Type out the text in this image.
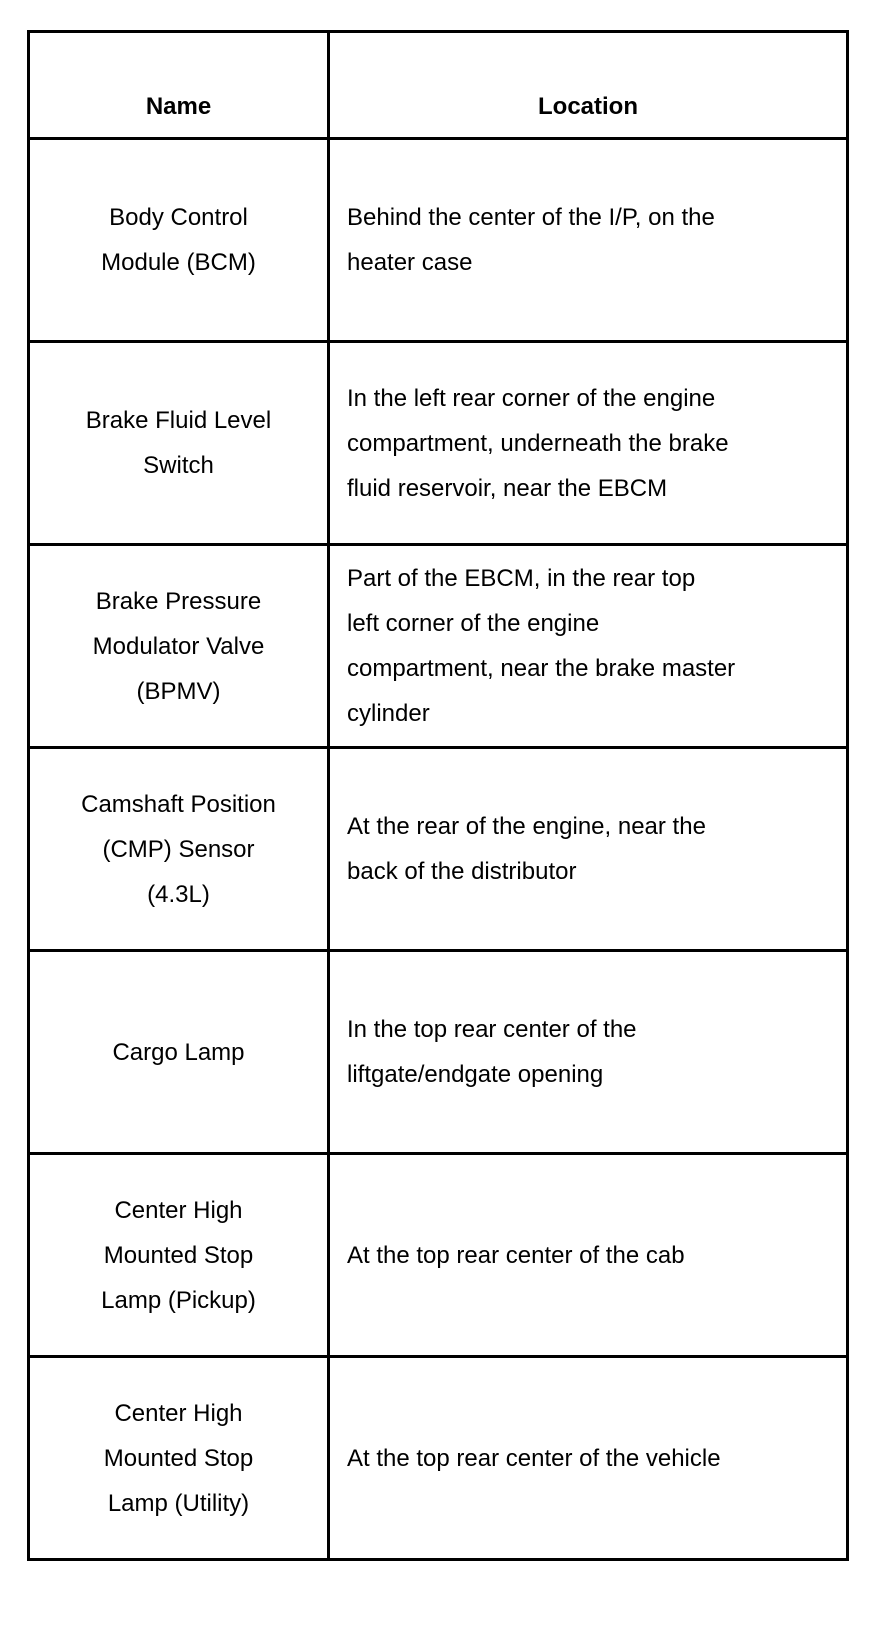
Name	Location

Body Control
Module (BCM)	Behind the center of the I/P, on the
heater case

Brake Fluid Level
Switch	In the left rear corner of the engine
compartment, underneath the brake
fluid reservoir, near the EBCM

Brake Pressure
Modulator Valve
(BPMV)	Part of the EBCM, in the rear top
left corner of the engine
compartment, near the brake master
cylinder

Camshaft Position
(CMP) Sensor
(4.3L)	At the rear of the engine, near the
back of the distributor

Cargo Lamp	In the top rear center of the
liftgate/endgate opening

Center High
Mounted Stop
Lamp (Pickup)	At the top rear center of the cab

Center High
Mounted Stop
Lamp (Utility)	At the top rear center of the vehicle
